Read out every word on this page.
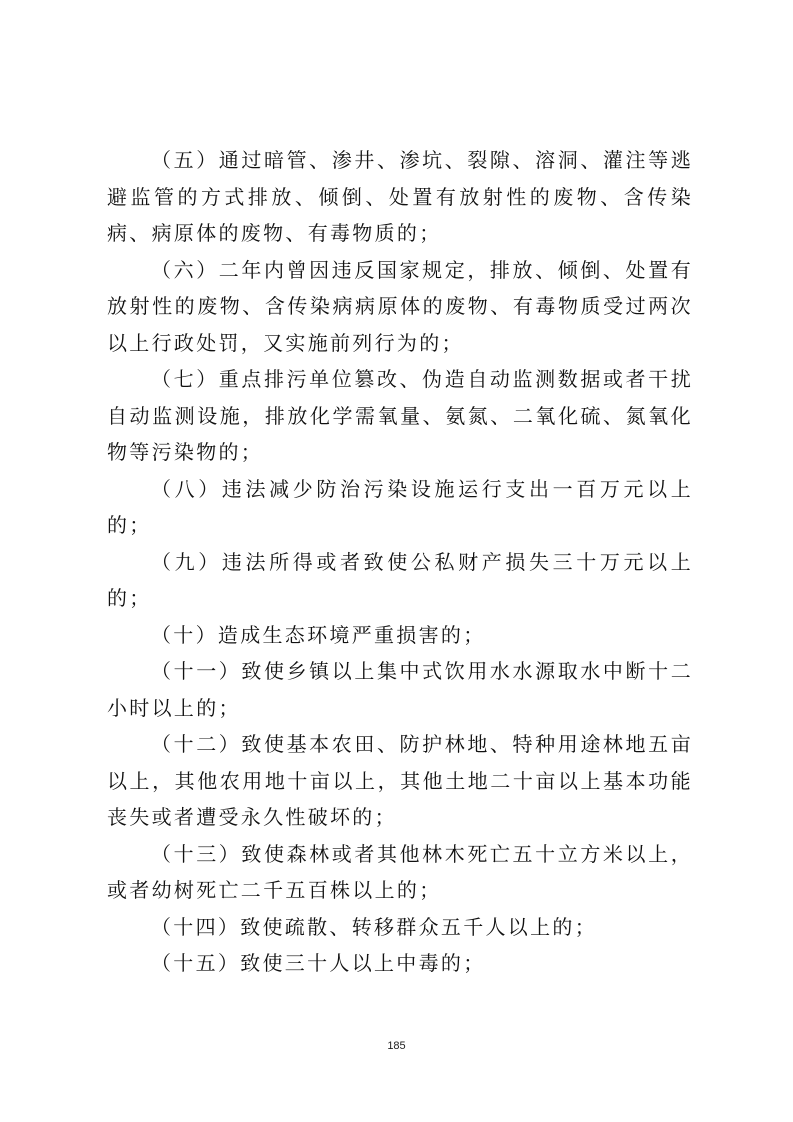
（五）通过暗管、渗井、渗坑、裂隙、溶洞、灌注等逃避监管的方式排放、倾倒、处置有放射性的废物、含传染病、病原体的废物、有毒物质的；

（六）二年内曾因违反国家规定，排放、倾倒、处置有放射性的废物、含传染病病原体的废物、有毒物质受过两次以上行政处罚，又实施前列行为的；

（七）重点排污单位篡改、伪造自动监测数据或者干扰自动监测设施，排放化学需氧量、氨氮、二氧化硫、氮氧化物等污染物的；

（八）违法减少防治污染设施运行支出一百万元以上的；

（九）违法所得或者致使公私财产损失三十万元以上的；

（十）造成生态环境严重损害的；

（十一）致使乡镇以上集中式饮用水水源取水中断十二小时以上的；

（十二）致使基本农田、防护林地、特种用途林地五亩以上，其他农用地十亩以上，其他土地二十亩以上基本功能丧失或者遭受永久性破坏的；

（十三）致使森林或者其他林木死亡五十立方米以上，或者幼树死亡二千五百株以上的；

（十四）致使疏散、转移群众五千人以上的；

（十五）致使三十人以上中毒的；

185
